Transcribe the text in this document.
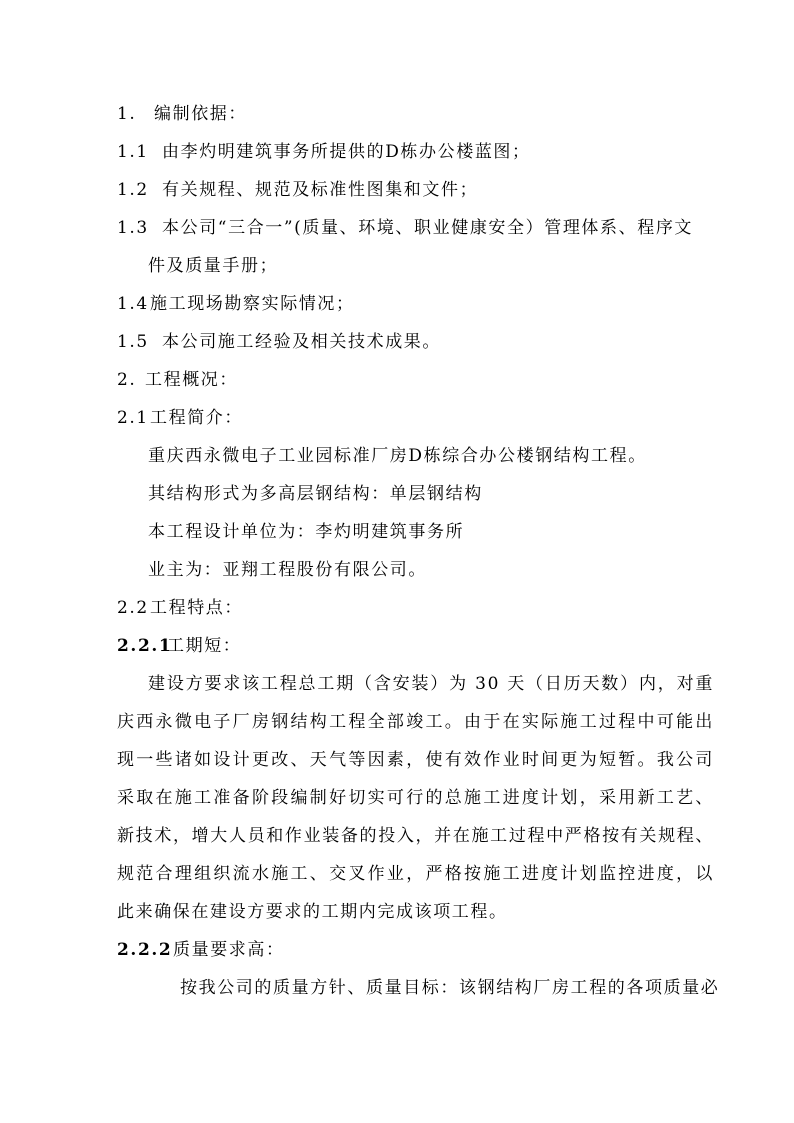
1. 编制依据：
1.1 由李灼明建筑事务所提供的D栋办公楼蓝图；
1.2 有关规程、规范及标准性图集和文件；
1.3 本公司“三合一”(质量、环境、职业健康安全）管理体系、程序文
件及质量手册；
1.4施工现场勘察实际情况；
1.5 本公司施工经验及相关技术成果。
2. 工程概况：
2.1工程简介：
重庆西永微电子工业园标准厂房D栋综合办公楼钢结构工程。
其结构形式为多高层钢结构：单层钢结构
本工程设计单位为：李灼明建筑事务所
业主为：亚翔工程股份有限公司。
2.2工程特点：
2.2.1工期短：
建设方要求该工程总工期（含安装）为 30 天（日历天数）内，对重
庆西永微电子厂房钢结构工程全部竣工。由于在实际施工过程中可能出
现一些诸如设计更改、天气等因素，使有效作业时间更为短暂。我公司
采取在施工准备阶段编制好切实可行的总施工进度计划，采用新工艺、
新技术，增大人员和作业装备的投入，并在施工过程中严格按有关规程、
规范合理组织流水施工、交叉作业，严格按施工进度计划监控进度，以
此来确保在建设方要求的工期内完成该项工程。
2.2.2质量要求高：
按我公司的质量方针、质量目标：该钢结构厂房工程的各项质量必
